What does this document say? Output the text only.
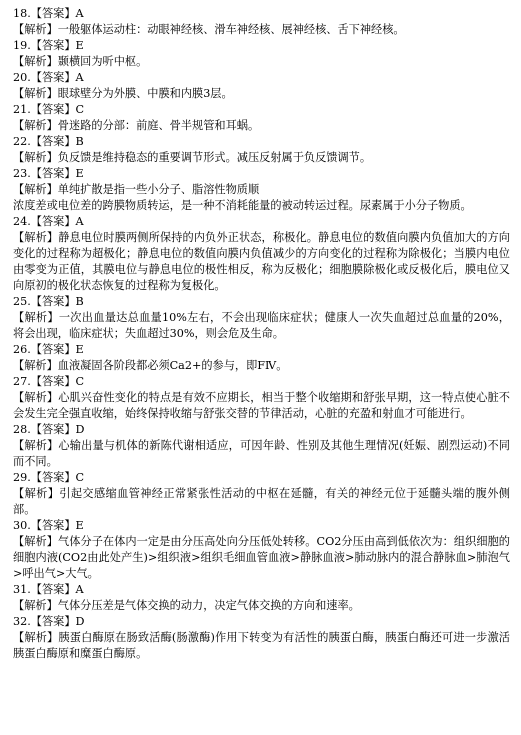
18.【答案】A
【解析】一般躯体运动柱：动眼神经核、滑车神经核、展神经核、舌下神经核。
19.【答案】E
【解析】颞横回为听中枢。
20.【答案】A
【解析】眼球壁分为外膜、中膜和内膜3层。
21.【答案】C
【解析】骨迷路的分部：前庭、骨半规管和耳蜗。
22.【答案】B
【解析】负反馈是维持稳态的重要调节形式。减压反射属于负反馈调节。
23.【答案】E
【解析】单纯扩散是指一些小分子、脂溶性物质顺
浓度差或电位差的跨膜物质转运，是一种不消耗能量的被动转运过程。尿素属于小分子物质。
24.【答案】A
【解析】静息电位时膜两侧所保持的内负外正状态，称极化。静息电位的数值向膜内负值加大的方向变化的过程称为超极化；静息电位的数值向膜内负值减少的方向变化的过程称为除极化；当膜内电位由零变为正值，其膜电位与静息电位的极性相反，称为反极化；细胞膜除极化或反极化后，膜电位又向原初的极化状态恢复的过程称为复极化。
25.【答案】B
【解析】一次出血量达总血量10%左右，不会出现临床症状；健康人一次失血超过总血量的20%，将会出现，临床症状；失血超过30%，则会危及生命。
26.【答案】E
【解析】血液凝固各阶段都必须Ca2+的参与，即FⅣ。
27.【答案】C
【解析】心肌兴奋性变化的特点是有效不应期长，相当于整个收缩期和舒张早期，这一特点使心脏不会发生完全强直收缩，始终保持收缩与舒张交替的节律活动，心脏的充盈和射血才可能进行。
28.【答案】D
【解析】心输出量与机体的新陈代谢相适应，可因年龄、性别及其他生理情况(妊娠、剧烈运动)不同而不同。
29.【答案】C
【解析】引起交感缩血管神经正常紧张性活动的中枢在延髓，有关的神经元位于延髓头端的腹外侧部。
30.【答案】E
【解析】气体分子在体内一定是由分压高处向分压低处转移。CO2分压由高到低依次为：组织细胞的细胞内液(CO2由此处产生)>组织液>组织毛细血管血液>静脉血液>肺动脉内的混合静脉血>肺泡气>呼出气>大气。
31.【答案】A
【解析】气体分压差是气体交换的动力，决定气体交换的方向和速率。
32.【答案】D
【解析】胰蛋白酶原在肠致活酶(肠激酶)作用下转变为有活性的胰蛋白酶，胰蛋白酶还可进一步激活胰蛋白酶原和糜蛋白酶原。
